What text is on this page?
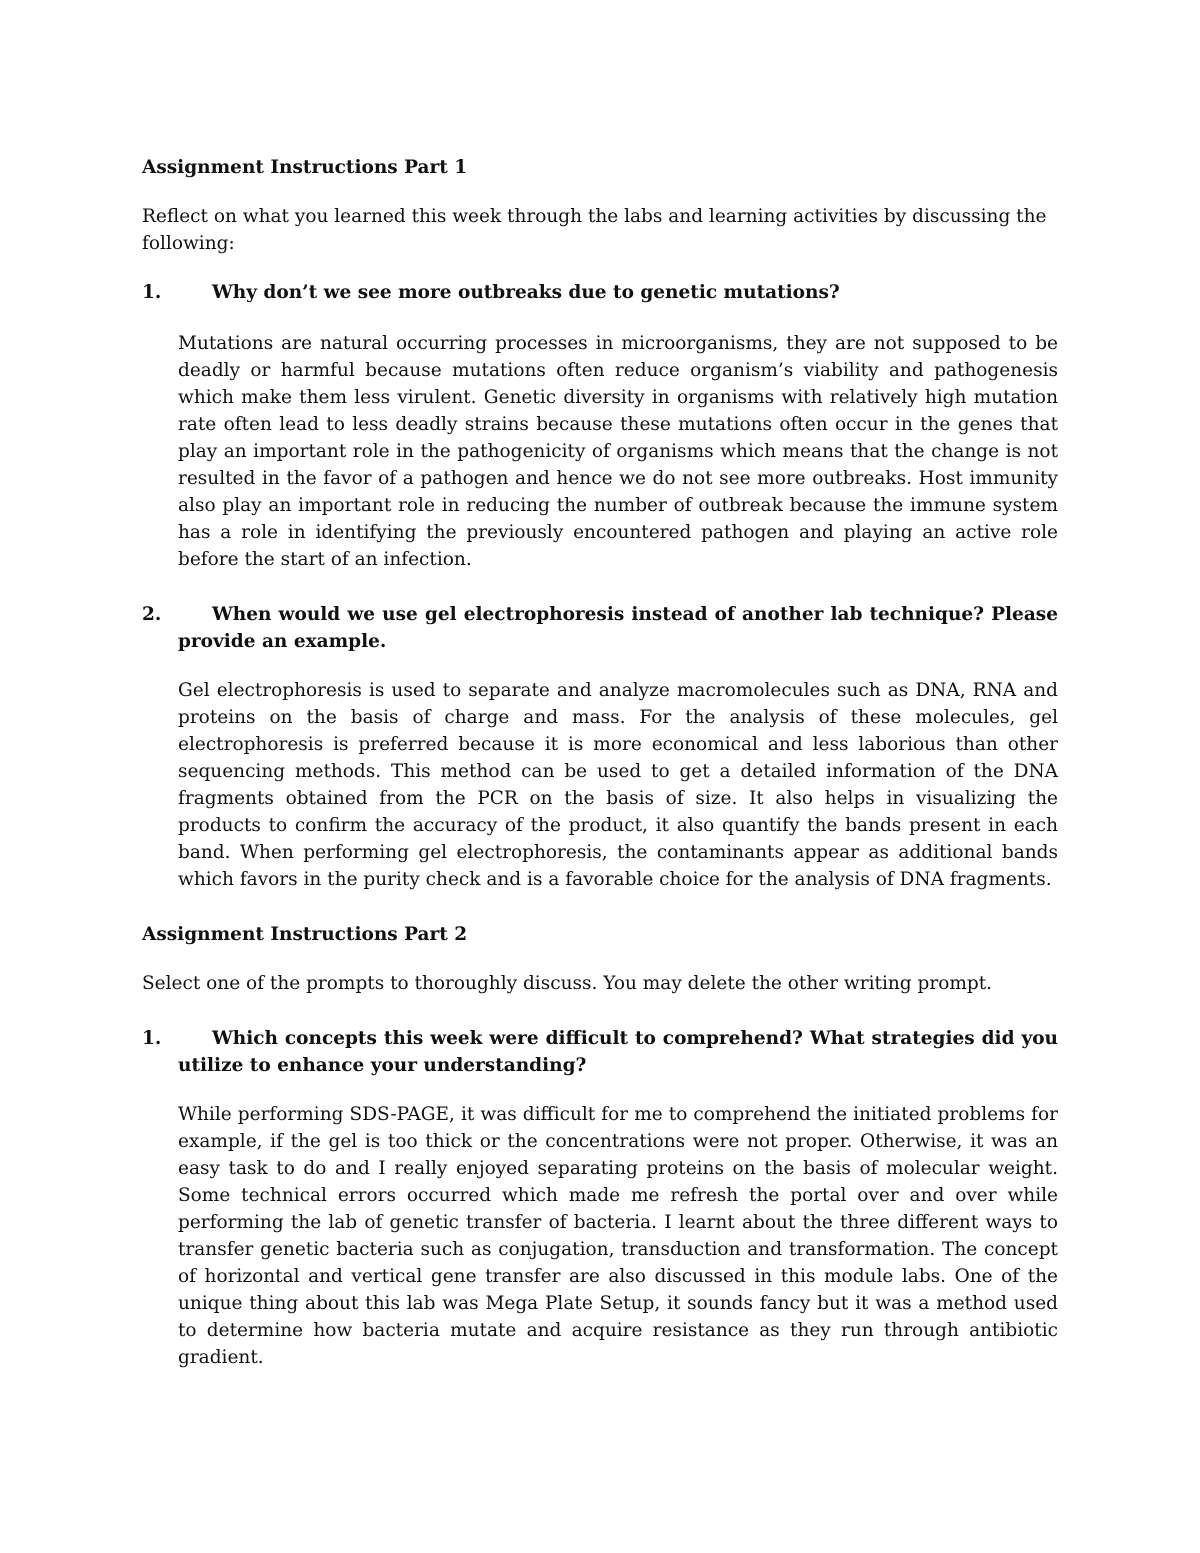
Assignment Instructions Part 1

Reflect on what you learned this week through the labs and learning activities by discussing the following:

1.	Why don’t we see more outbreaks due to genetic mutations?

Mutations are natural occurring processes in microorganisms, they are not supposed to be deadly or harmful because mutations often reduce organism’s viability and pathogenesis which make them less virulent. Genetic diversity in organisms with relatively high mutation rate often lead to less deadly strains because these mutations often occur in the genes that play an important role in the pathogenicity of organisms which means that the change is not resulted in the favor of a pathogen and hence we do not see more outbreaks. Host immunity also play an important role in reducing the number of outbreak because the immune system has a role in identifying the previously encountered pathogen and playing an active role before the start of an infection.

2.	When would we use gel electrophoresis instead of another lab technique? Please provide an example.

Gel electrophoresis is used to separate and analyze macromolecules such as DNA, RNA and proteins on the basis of charge and mass. For the analysis of these molecules, gel electrophoresis is preferred because it is more economical and less laborious than other sequencing methods. This method can be used to get a detailed information of the DNA fragments obtained from the PCR on the basis of size. It also helps in visualizing the products to confirm the accuracy of the product, it also quantify the bands present in each band. When performing gel electrophoresis, the contaminants appear as additional bands which favors in the purity check and is a favorable choice for the analysis of DNA fragments.

Assignment Instructions Part 2

Select one of the prompts to thoroughly discuss. You may delete the other writing prompt.

1.	Which concepts this week were difficult to comprehend? What strategies did you utilize to enhance your understanding?

While performing SDS-PAGE, it was difficult for me to comprehend the initiated problems for example, if the gel is too thick or the concentrations were not proper. Otherwise, it was an easy task to do and I really enjoyed separating proteins on the basis of molecular weight. Some technical errors occurred which made me refresh the portal over and over while performing the lab of genetic transfer of bacteria. I learnt about the three different ways to transfer genetic bacteria such as conjugation, transduction and transformation. The concept of horizontal and vertical gene transfer are also discussed in this module labs. One of the unique thing about this lab was Mega Plate Setup, it sounds fancy but it was a method used to determine how bacteria mutate and acquire resistance as they run through antibiotic gradient.
